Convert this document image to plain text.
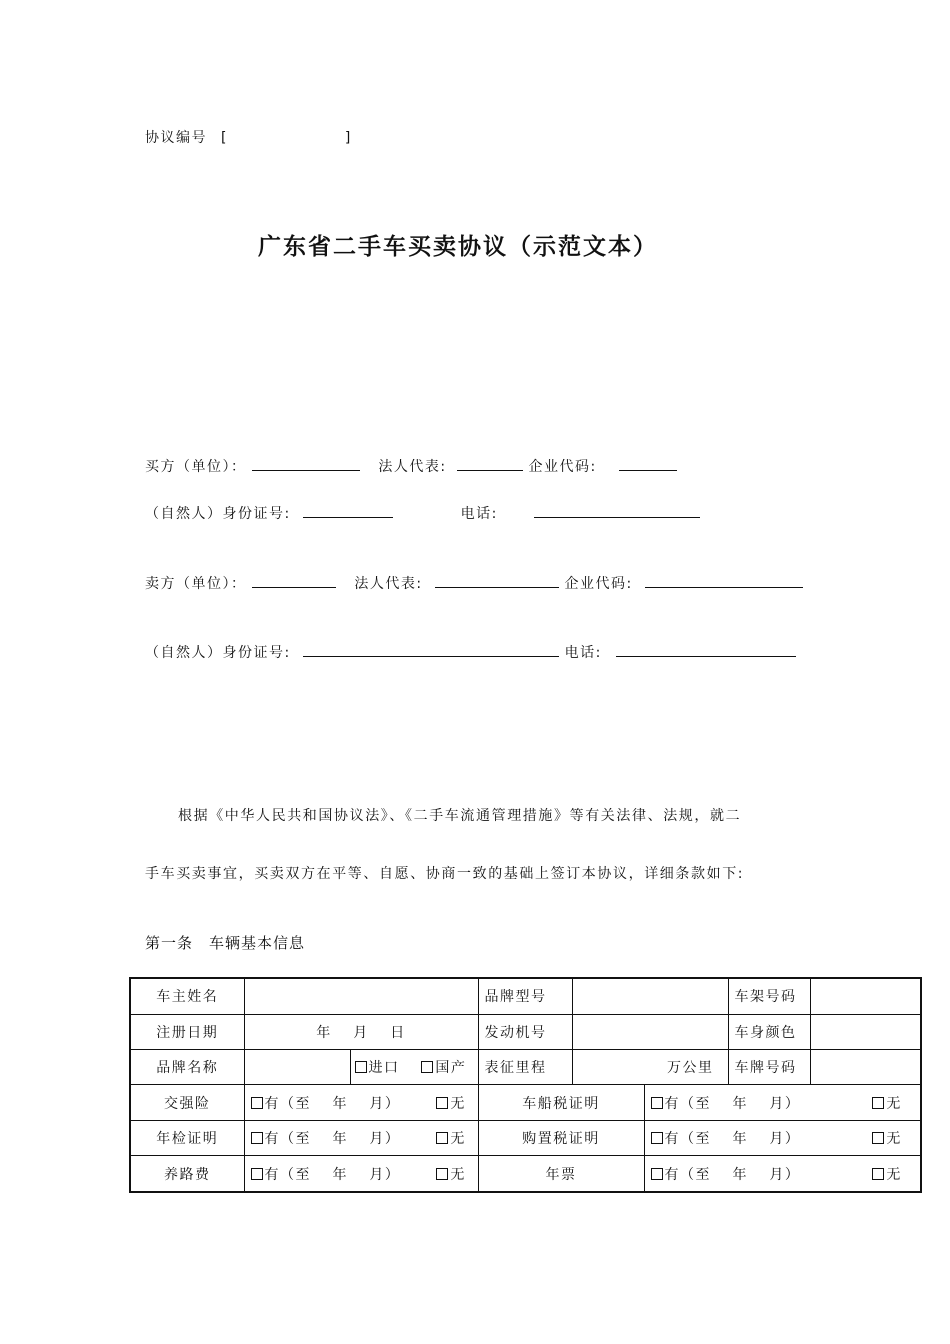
协议编号 [	]
广东省二手车买卖协议（示范文本）
买方（单位）：	法人代表:	企业代码:
（自然人）身份证号:	电话:
卖方（单位）：	法人代表:	企业代码:
（自然人）身份证号:	电话:
根据《中华人民共和国协议法》、《二手车流通管理措施》等有关法律、法规，就二
手车买卖事宜，买卖双方在平等、自愿、协商一致的基础上签订本协议，详细条款如下:
第一条　车辆基本信息
车主姓名			品牌型号			车架号码	
注册日期	年　 月　 日		发动机号			车身颜色	
品牌名称		进口 国产	表征里程	万公里		车牌号码	
交强险	有（至　 年　 月） 无		车船税证明		有（至　 年　 月） 无		
年检证明	有（至　 年　 月） 无		购置税证明		有（至　 年　 月） 无		
养路费	有（至　 年　 月） 无		年票		有（至　 年　 月） 无		
